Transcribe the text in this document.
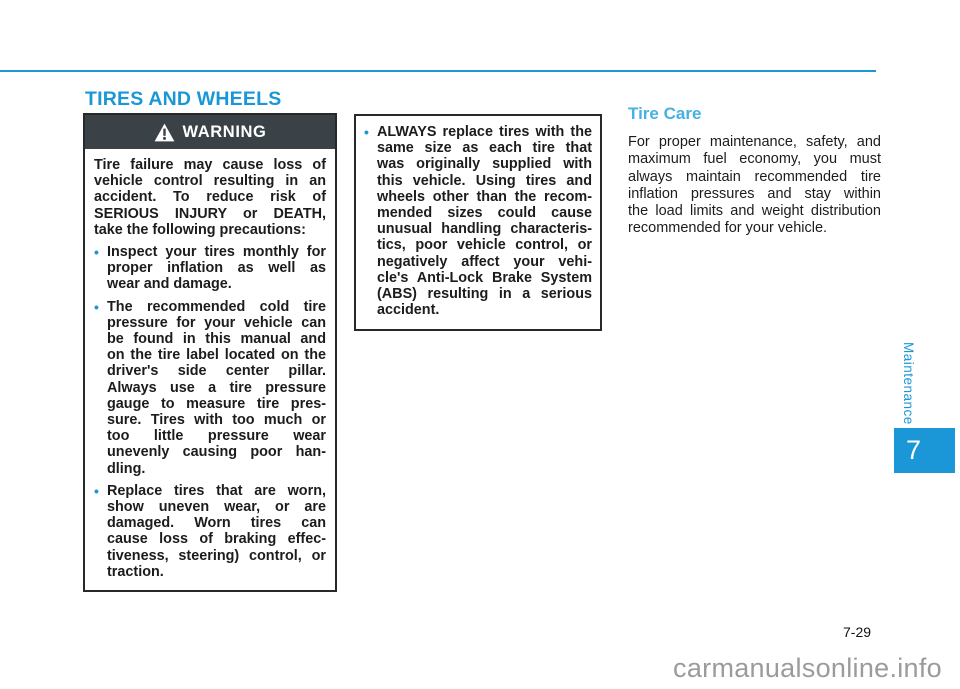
TIRES AND WHEELS
WARNING
Tire failure may cause loss of
vehicle control resulting in an
accident. To reduce risk of
SERIOUS INJURY or DEATH,
take the following precautions:
• Inspect your tires monthly for
proper inflation as well as
wear and damage.
• The recommended cold tire
pressure for your vehicle can
be found in this manual and
on the tire label located on the
driver's side center pillar.
Always use a tire pressure
gauge to measure tire pres-
sure. Tires with too much or
too little pressure wear
unevenly causing poor han-
dling.
• Replace tires that are worn,
show uneven wear, or are
damaged. Worn tires can
cause loss of braking effec-
tiveness, steering) control, or
traction.
• ALWAYS replace tires with the
same size as each tire that
was originally supplied with
this vehicle. Using tires and
wheels other than the recom-
mended sizes could cause
unusual handling characteris-
tics, poor vehicle control, or
negatively affect your vehi-
cle's Anti-Lock Brake System
(ABS) resulting in a serious
accident.
Tire Care
For proper maintenance, safety, and
maximum fuel economy, you must
always maintain recommended tire
inflation pressures and stay within
the load limits and weight distribution
recommended for your vehicle.
Maintenance
7
7-29
carmanualsonline.info
